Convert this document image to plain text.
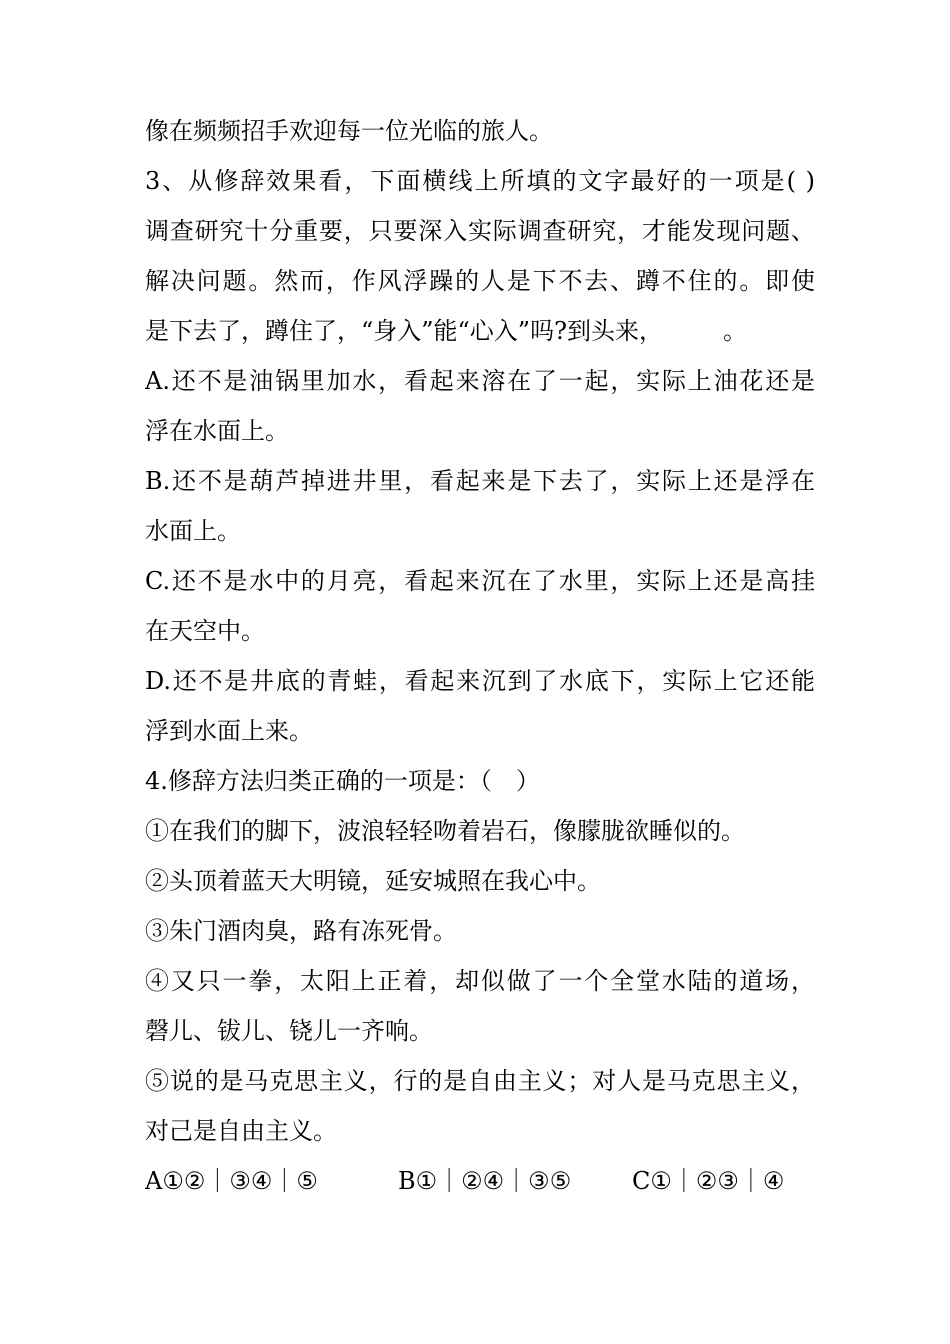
像在频频招手欢迎每一位光临的旅人。
3、从修辞效果看，下面横线上所填的文字最好的一项是( )
调查研究十分重要，只要深入实际调查研究，才能发现问题、
解决问题。然而，作风浮躁的人是下不去、蹲不住的。即使
是下去了，蹲住了，“身入”能“心入”吗?到头来，	。
A.还不是油锅里加水，看起来溶在了一起，实际上油花还是
浮在水面上。
B.还不是葫芦掉进井里，看起来是下去了，实际上还是浮在
水面上。
C.还不是水中的月亮，看起来沉在了水里，实际上还是高挂
在天空中。
D.还不是井底的青蛙，看起来沉到了水底下，实际上它还能
浮到水面上来。
4.修辞方法归类正确的一项是：（　）
①在我们的脚下，波浪轻轻吻着岩石，像朦胧欲睡似的。
②头顶着蓝天大明镜，延安城照在我心中。
③朱门酒肉臭，路有冻死骨。
④又只一拳，太阳上正着，却似做了一个全堂水陆的道场，
磬儿、钹儿、铙儿一齐响。
⑤说的是马克思主义，行的是自由主义；对人是马克思主义，
对己是自由主义。
A①②｜③④｜⑤	B①｜②④｜③⑤	C①｜②③｜④
